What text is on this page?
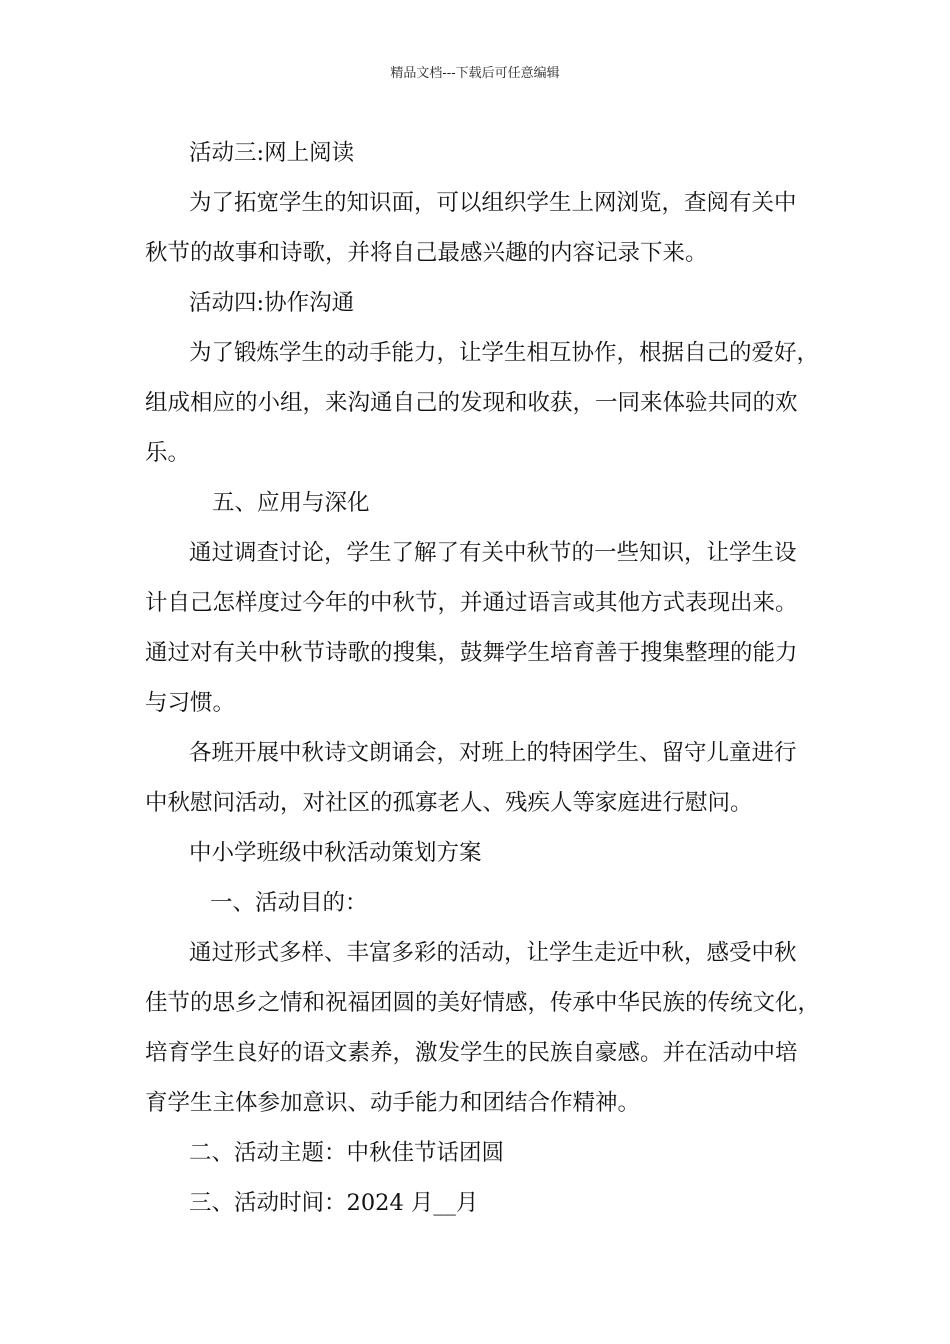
精品文档---下载后可任意编辑

活动三:网上阅读

为了拓宽学生的知识面，可以组织学生上网浏览，查阅有关中

秋节的故事和诗歌，并将自己最感兴趣的内容记录下来。

活动四:协作沟通

为了锻炼学生的动手能力，让学生相互协作，根据自己的爱好，

组成相应的小组，来沟通自己的发现和收获，一同来体验共同的欢

乐。

五、应用与深化

通过调查讨论，学生了解了有关中秋节的一些知识，让学生设

计自己怎样度过今年的中秋节，并通过语言或其他方式表现出来。

通过对有关中秋节诗歌的搜集，鼓舞学生培育善于搜集整理的能力

与习惯。

各班开展中秋诗文朗诵会，对班上的特困学生、留守儿童进行

中秋慰问活动，对社区的孤寡老人、残疾人等家庭进行慰问。

中小学班级中秋活动策划方案

一、活动目的：

通过形式多样、丰富多彩的活动，让学生走近中秋，感受中秋

佳节的思乡之情和祝福团圆的美好情感，传承中华民族的传统文化，

培育学生良好的语文素养，激发学生的民族自豪感。并在活动中培

育学生主体参加意识、动手能力和团结合作精神。

二、活动主题：中秋佳节话团圆

三、活动时间：2024 月__月
